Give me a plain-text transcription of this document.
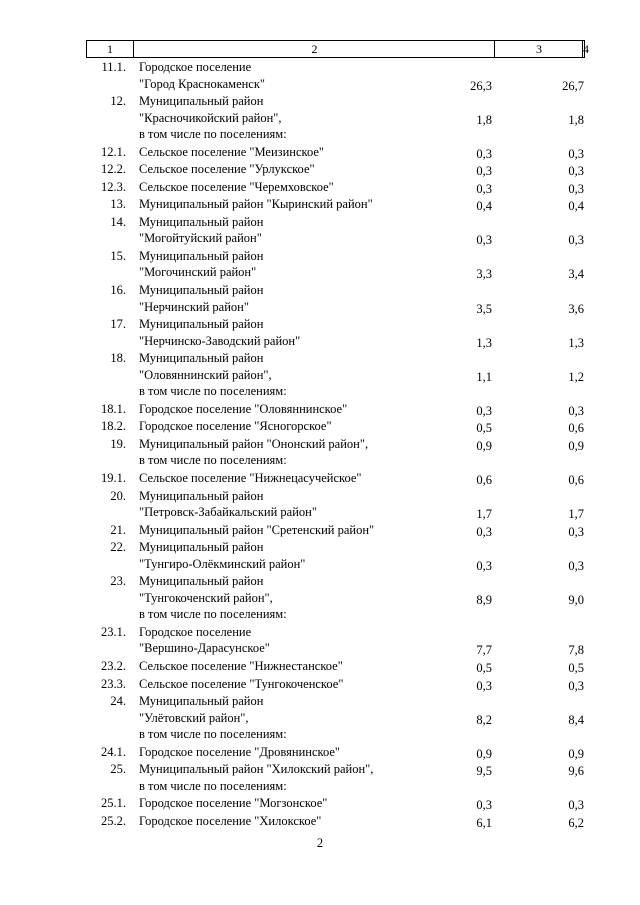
1	2	3	4
11.1. Городское поселение
"Город Краснокаменск"	26,3	26,7
12. Муниципальный район
"Красночикойский район",
в том числе по поселениям:
1,8	1,8
12.1. Сельское поселение "Меизинское"	0,3	0,3
12.2. Сельское поселение "Урлукское"	0,3	0,3
12.3. Сельское поселение "Черемховское"	0,3	0,3
13. Муниципальный район "Кыринский район"	0,4	0,4
14. Муниципальный район
"Могойтуйский район"	0,3	0,3
15. Муниципальный район
"Могочинский район"	3,3	3,4
16. Муниципальный район
"Нерчинский район"	3,5	3,6
17. Муниципальный район
"Нерчинско-Заводский район"	1,3	1,3
18. Муниципальный район
"Оловяннинский район",
в том числе по поселениям:
1,1	1,2
18.1. Городское поселение "Оловяннинское"	0,3	0,3
18.2. Городское поселение "Ясногорское"	0,5	0,6
19. Муниципальный район "Ононский район",
в том числе по поселениям:
0,9	0,9
19.1. Сельское поселение "Нижнецасучейское"	0,6	0,6
20. Муниципальный район
"Петровск-Забайкальский район"	1,7	1,7
21. Муниципальный район "Сретенский район"	0,3	0,3
22. Муниципальный район
"Тунгиро-Олёкминский район"	0,3	0,3
23. Муниципальный район
"Тунгокоченский район",
в том числе по поселениям:
8,9	9,0
23.1. Городское поселение
"Вершино-Дарасунское"	7,7	7,8
23.2. Сельское поселение "Нижнестанское"	0,5	0,5
23.3. Сельское поселение "Тунгокоченское"	0,3	0,3
24. Муниципальный район
"Улётовский район",
в том числе по поселениям:
8,2	8,4
24.1. Городское поселение "Дровянинское"	0,9	0,9
25. Муниципальный район "Хилокский район",
в том числе по поселениям:
9,5	9,6
25.1. Городское поселение "Могзонское"	0,3	0,3
25.2. Городское поселение "Хилокское"	6,1	6,2
2
